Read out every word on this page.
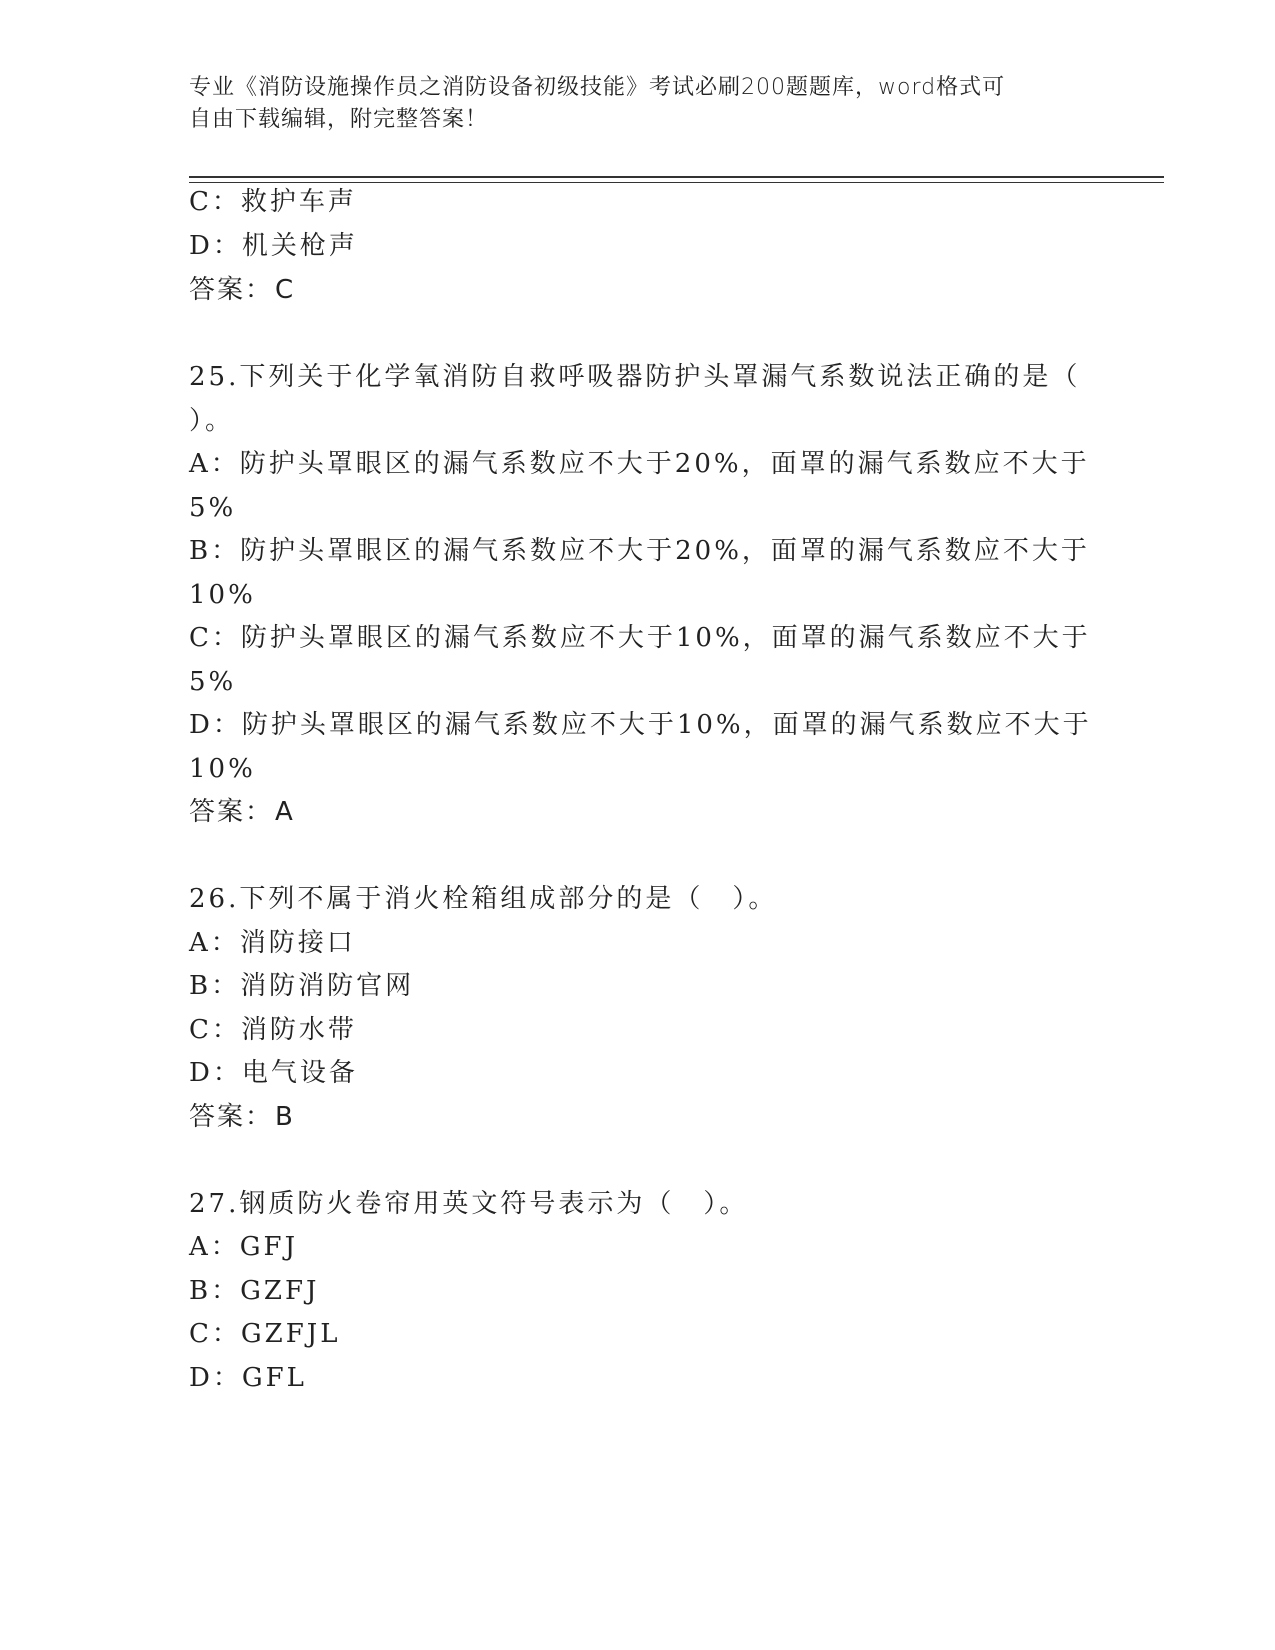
专业《消防设施操作员之消防设备初级技能》考试必刷200题题库，word格式可
自由下载编辑，附完整答案！
C：救护车声
D：机关枪声
答案：C
25.下列关于化学氧消防自救呼吸器防护头罩漏气系数说法正确的是（
）。
A：防护头罩眼区的漏气系数应不大于20%，面罩的漏气系数应不大于
5%
B：防护头罩眼区的漏气系数应不大于20%，面罩的漏气系数应不大于
10%
C：防护头罩眼区的漏气系数应不大于10%，面罩的漏气系数应不大于
5%
D：防护头罩眼区的漏气系数应不大于10%，面罩的漏气系数应不大于
10%
答案：A
26.下列不属于消火栓箱组成部分的是（　）。
A：消防接口
B：消防消防官网
C：消防水带
D：电气设备
答案：B
27.钢质防火卷帘用英文符号表示为（　）。
A：GFJ
B：GZFJ
C：GZFJL
D：GFL
